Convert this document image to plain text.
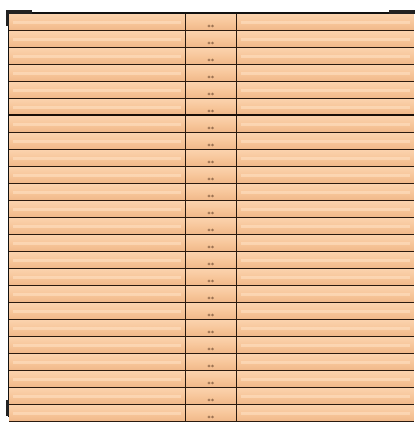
**
**
**
**
**
**
**
**
**
**
**
**
**
**
**
**
**
**
**
**
**
**
**
**
